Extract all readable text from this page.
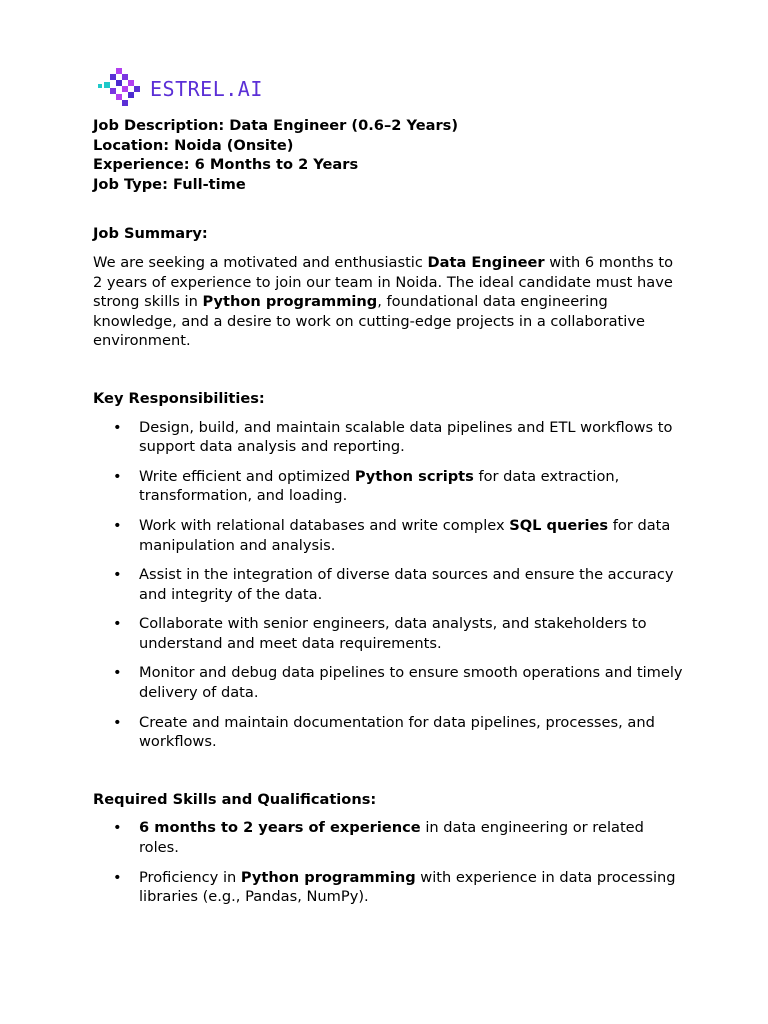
ESTREL.AI

Job Description: Data Engineer (0.6–2 Years)

Location: Noida (Onsite)

Experience: 6 Months to 2 Years

Job Type: Full-time

Job Summary:

We are seeking a motivated and enthusiastic Data Engineer with 6 months to 2 years of experience to join our team in Noida. The ideal candidate must have strong skills in Python programming, foundational data engineering knowledge, and a desire to work on cutting-edge projects in a collaborative environment.

Key Responsibilities:

• Design, build, and maintain scalable data pipelines and ETL workflows to support data analysis and reporting.
• Write efficient and optimized Python scripts for data extraction, transformation, and loading.
• Work with relational databases and write complex SQL queries for data manipulation and analysis.
• Assist in the integration of diverse data sources and ensure the accuracy and integrity of the data.
• Collaborate with senior engineers, data analysts, and stakeholders to understand and meet data requirements.
• Monitor and debug data pipelines to ensure smooth operations and timely delivery of data.
• Create and maintain documentation for data pipelines, processes, and workflows.

Required Skills and Qualifications:

• 6 months to 2 years of experience in data engineering or related roles.
• Proficiency in Python programming with experience in data processing libraries (e.g., Pandas, NumPy).
